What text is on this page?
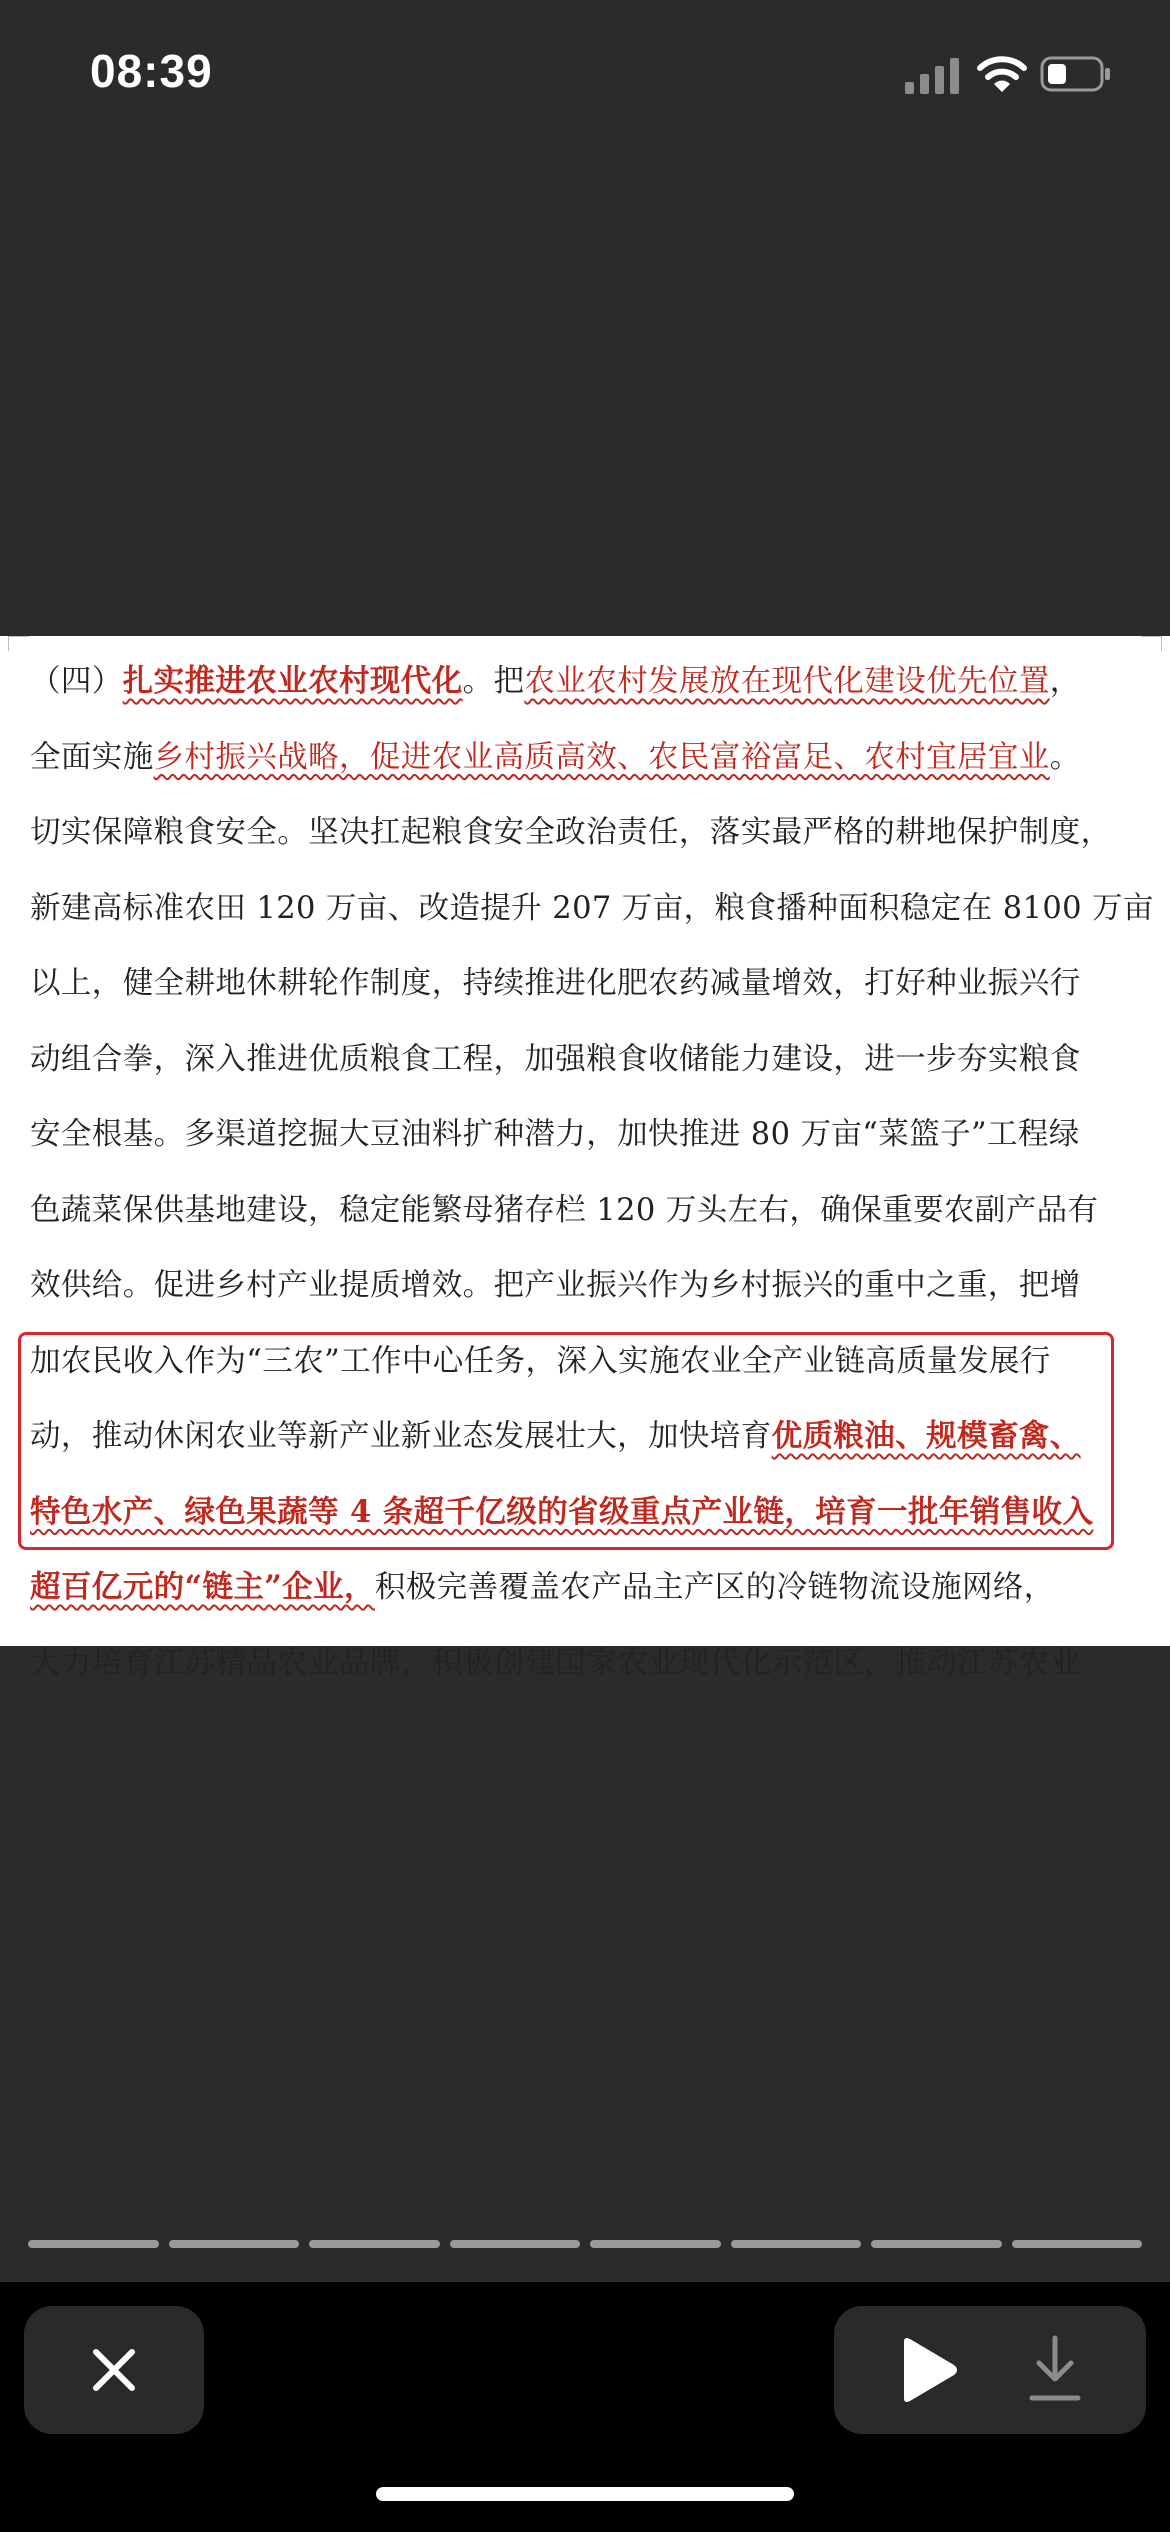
08:39
（四）扎实推进农业农村现代化。把农业农村发展放在现代化建设优先位置，
全面实施乡村振兴战略，促进农业高质高效、农民富裕富足、农村宜居宜业。
切实保障粮食安全。坚决扛起粮食安全政治责任，落实最严格的耕地保护制度，
新建高标准农田 120 万亩、改造提升 207 万亩，粮食播种面积稳定在 8100 万亩
以上，健全耕地休耕轮作制度，持续推进化肥农药减量增效，打好种业振兴行
动组合拳，深入推进优质粮食工程，加强粮食收储能力建设，进一步夯实粮食
安全根基。多渠道挖掘大豆油料扩种潜力，加快推进 80 万亩“菜篮子”工程绿
色蔬菜保供基地建设，稳定能繁母猪存栏 120 万头左右，确保重要农副产品有
效供给。促进乡村产业提质增效。把产业振兴作为乡村振兴的重中之重，把增
加农民收入作为“三农”工作中心任务，深入实施农业全产业链高质量发展行
动，推动休闲农业等新产业新业态发展壮大，加快培育优质粮油、规模畜禽、
特色水产、绿色果蔬等 4 条超千亿级的省级重点产业链，培育一批年销售收入
超百亿元的“链主”企业，积极完善覆盖农产品主产区的冷链物流设施网络，
大力培育江苏精品农业品牌，积极创建国家农业现代化示范区，推动江苏农业
